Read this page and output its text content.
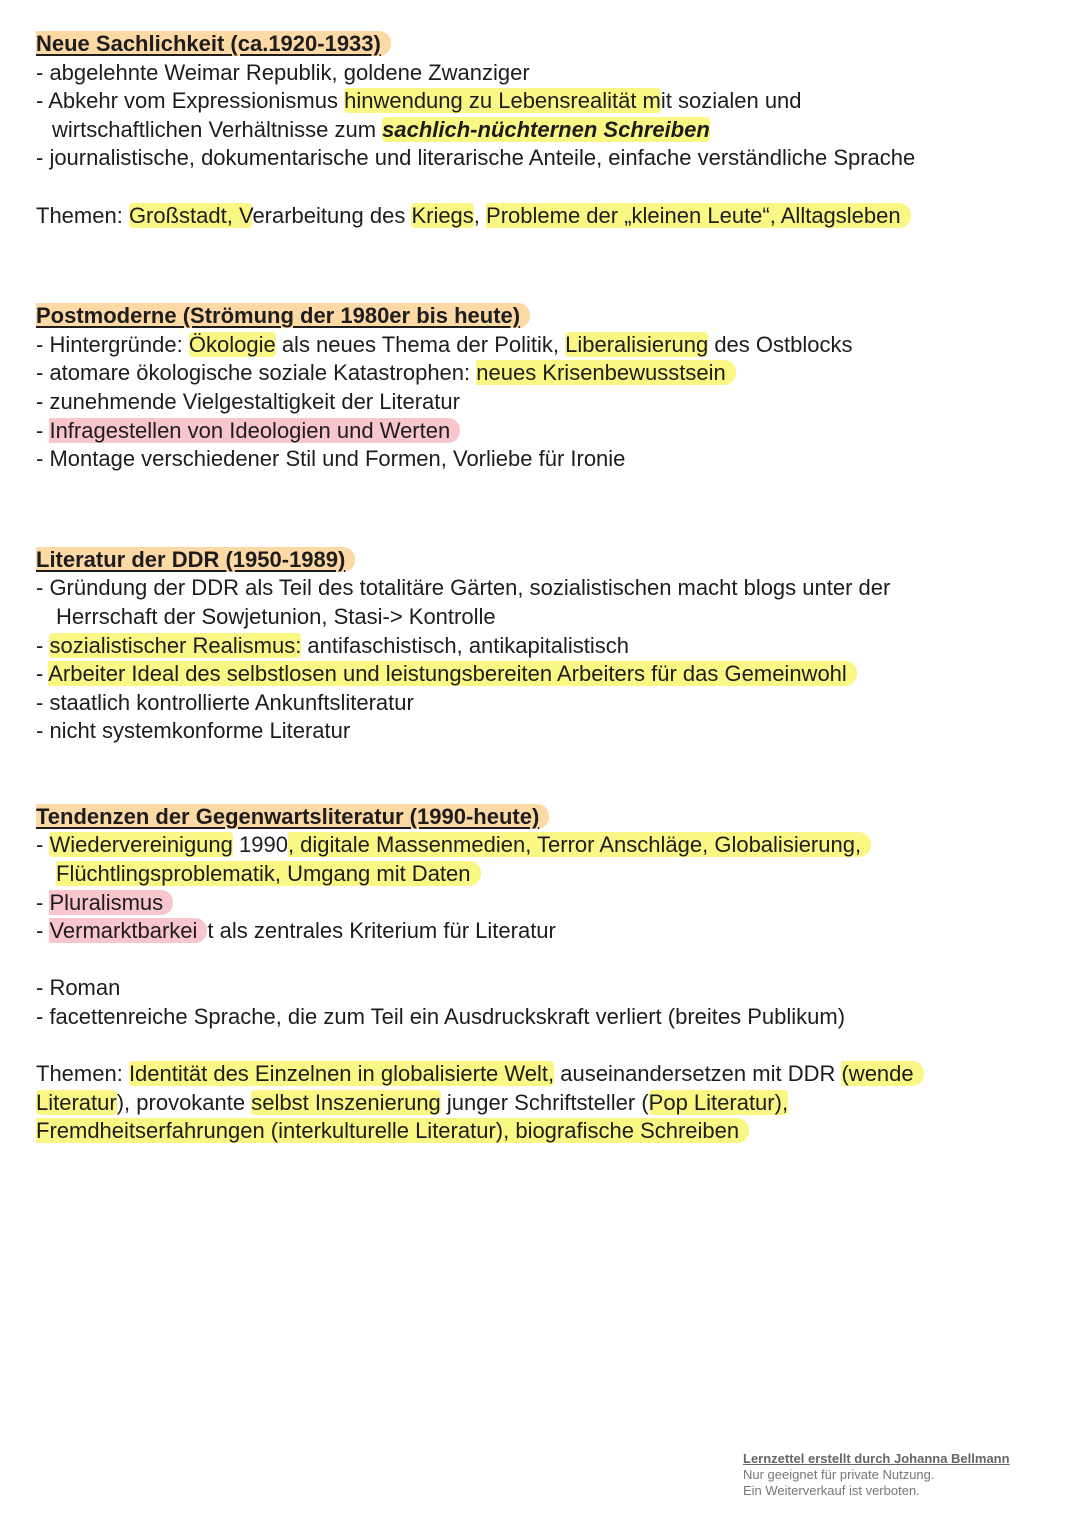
Neue Sachlichkeit (ca.1920-1933)
- abgelehnte Weimar Republik, goldene Zwanziger
- Abkehr vom Expressionismus hinwendung zu Lebensrealität mit sozialen und
wirtschaftlichen Verhältnisse zum sachlich-nüchternen Schreiben
- journalistische, dokumentarische und literarische Anteile, einfache verständliche Sprache
Themen: Großstadt, Verarbeitung des Kriegs, Probleme der „kleinen Leute“, Alltagsleben
Postmoderne (Strömung der 1980er bis heute)
- Hintergründe: Ökologie als neues Thema der Politik, Liberalisierung des Ostblocks
- atomare ökologische soziale Katastrophen: neues Krisenbewusstsein
- zunehmende Vielgestaltigkeit der Literatur
- Infragestellen von Ideologien und Werten
- Montage verschiedener Stil und Formen, Vorliebe für Ironie
Literatur der DDR (1950-1989)
- Gründung der DDR als Teil des totalitäre Gärten, sozialistischen macht blogs unter der
Herrschaft der Sowjetunion, Stasi-> Kontrolle
- sozialistischer Realismus: antifaschistisch, antikapitalistisch
- Arbeiter Ideal des selbstlosen und leistungsbereiten Arbeiters für das Gemeinwohl
- staatlich kontrollierte Ankunftsliteratur
- nicht systemkonforme Literatur
Tendenzen der Gegenwartsliteratur (1990-heute)
- Wiedervereinigung 1990, digitale Massenmedien, Terror Anschläge, Globalisierung,
Flüchtlingsproblematik, Umgang mit Daten
- Pluralismus
- Vermarktbarkei t als zentrales Kriterium für Literatur
- Roman
- facettenreiche Sprache, die zum Teil ein Ausdruckskraft verliert (breites Publikum)
Themen: Identität des Einzelnen in globalisierte Welt, auseinandersetzen mit DDR (wende
Literatur), provokante selbst Inszenierung junger Schriftsteller (Pop Literatur),
Fremdheitserfahrungen (interkulturelle Literatur), biografische Schreiben
Lernzettel erstellt durch Johanna Bellmann
Nur geeignet für private Nutzung.
Ein Weiterverkauf ist verboten.
